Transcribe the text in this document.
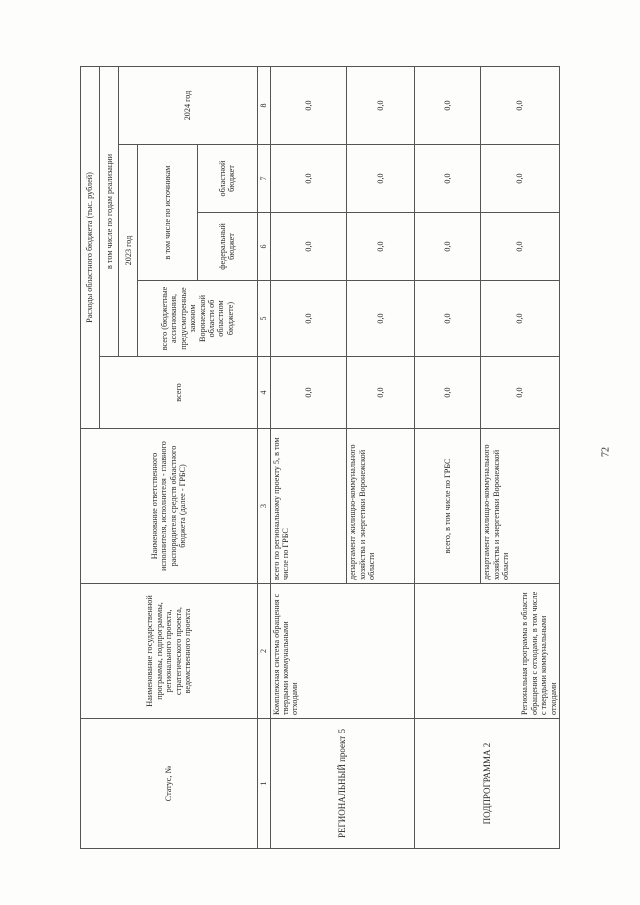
72
Статус, №	Наименование государственной программы, подпрограммы, регионального проекта, стратегического проекта, ведомственного проекта	Наименование ответственного исполнителя, исполнителя - главного распорядителя средств областного бюджета (далее - ГРБС)	Расходы областного бюджета (тыс. рублей)				
			всего	в том числе по годам реализации			
				2023 год			2024 год
				всего (бюджетные ассигнования, предусмотренные законом Воронежской области об областном бюджете)	в том числе по источникам		
					федеральный бюджет	областной бюджет	
1	2	3	4	5	6	7	8
РЕГИОНАЛЬНЫЙ проект 5	Комплексная система обращения с твердыми коммунальными отходами	всего по региональному проекту 5, в том числе по ГРБС	0,0	0,0	0,0	0,0	0,0
		департамент жилищно-коммунального хозяйства и энергетики Воронежской области	0,0	0,0	0,0	0,0	0,0
ПОДПРОГРАММА 2	Региональная программа в области обращения с отходами, в том числе с твердыми коммунальными отходами	всего, в том числе по ГРБС	0,0	0,0	0,0	0,0	0,0
		департамент жилищно-коммунального хозяйства и энергетики Воронежской области	0,0	0,0	0,0	0,0	0,0
